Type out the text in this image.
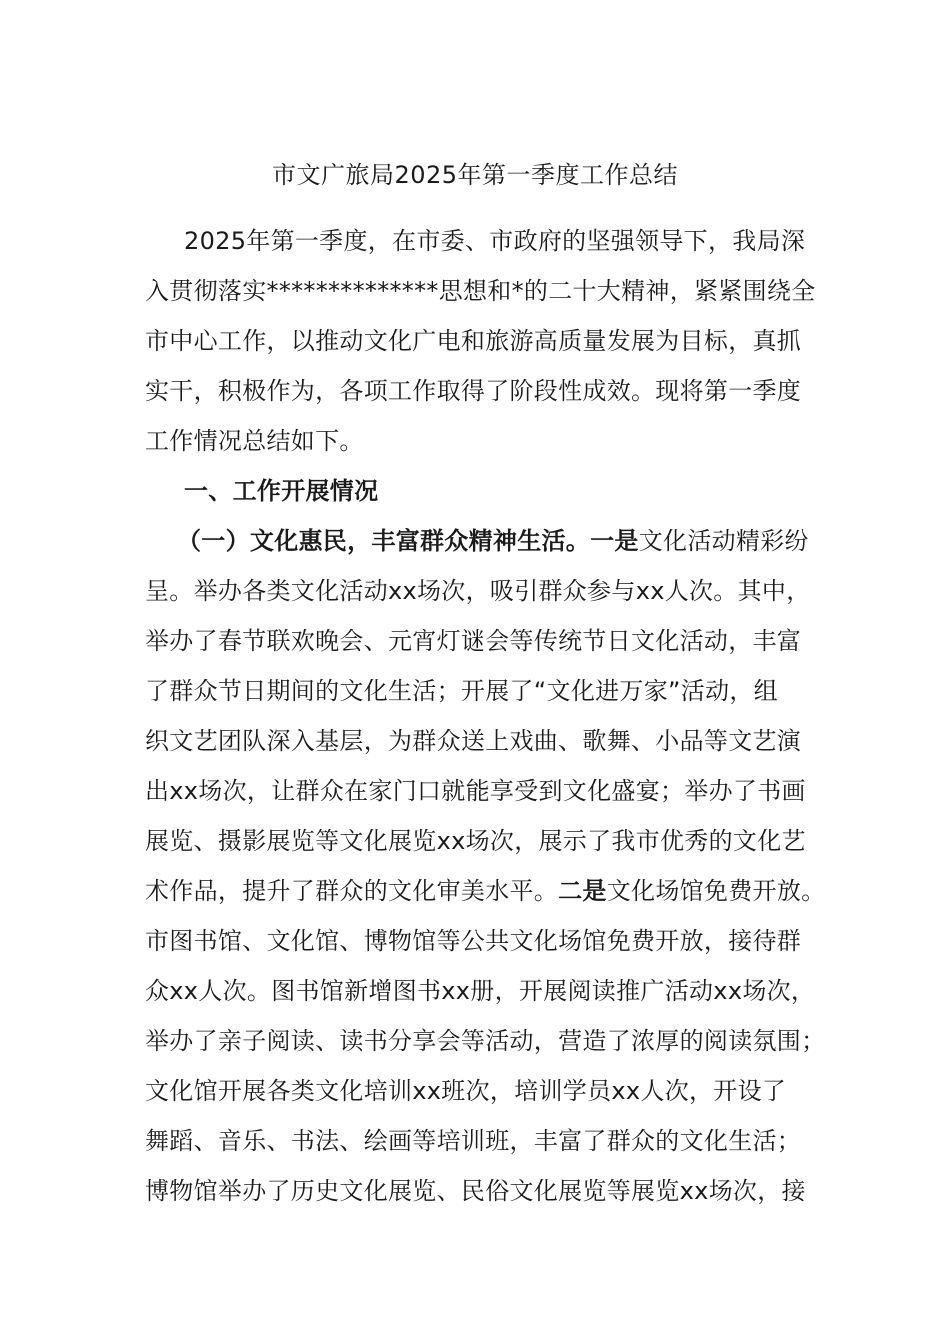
市文广旅局2025年第一季度工作总结
2025年第一季度，在市委、市政府的坚强领导下，我局深
入贯彻落实**************思想和*的二十大精神，紧紧围绕全
市中心工作，以推动文化广电和旅游高质量发展为目标，真抓
实干，积极作为，各项工作取得了阶段性成效。现将第一季度
工作情况总结如下。
一、工作开展情况
（一）文化惠民，丰富群众精神生活。一是文化活动精彩纷
呈。举办各类文化活动xx场次，吸引群众参与xx人次。其中，
举办了春节联欢晚会、元宵灯谜会等传统节日文化活动，丰富
了群众节日期间的文化生活；开展了“文化进万家”活动，组
织文艺团队深入基层，为群众送上戏曲、歌舞、小品等文艺演
出xx场次，让群众在家门口就能享受到文化盛宴；举办了书画
展览、摄影展览等文化展览xx场次，展示了我市优秀的文化艺
术作品，提升了群众的文化审美水平。二是文化场馆免费开放。
市图书馆、文化馆、博物馆等公共文化场馆免费开放，接待群
众xx人次。图书馆新增图书xx册，开展阅读推广活动xx场次，
举办了亲子阅读、读书分享会等活动，营造了浓厚的阅读氛围；
文化馆开展各类文化培训xx班次，培训学员xx人次，开设了
舞蹈、音乐、书法、绘画等培训班，丰富了群众的文化生活；
博物馆举办了历史文化展览、民俗文化展览等展览xx场次，接
